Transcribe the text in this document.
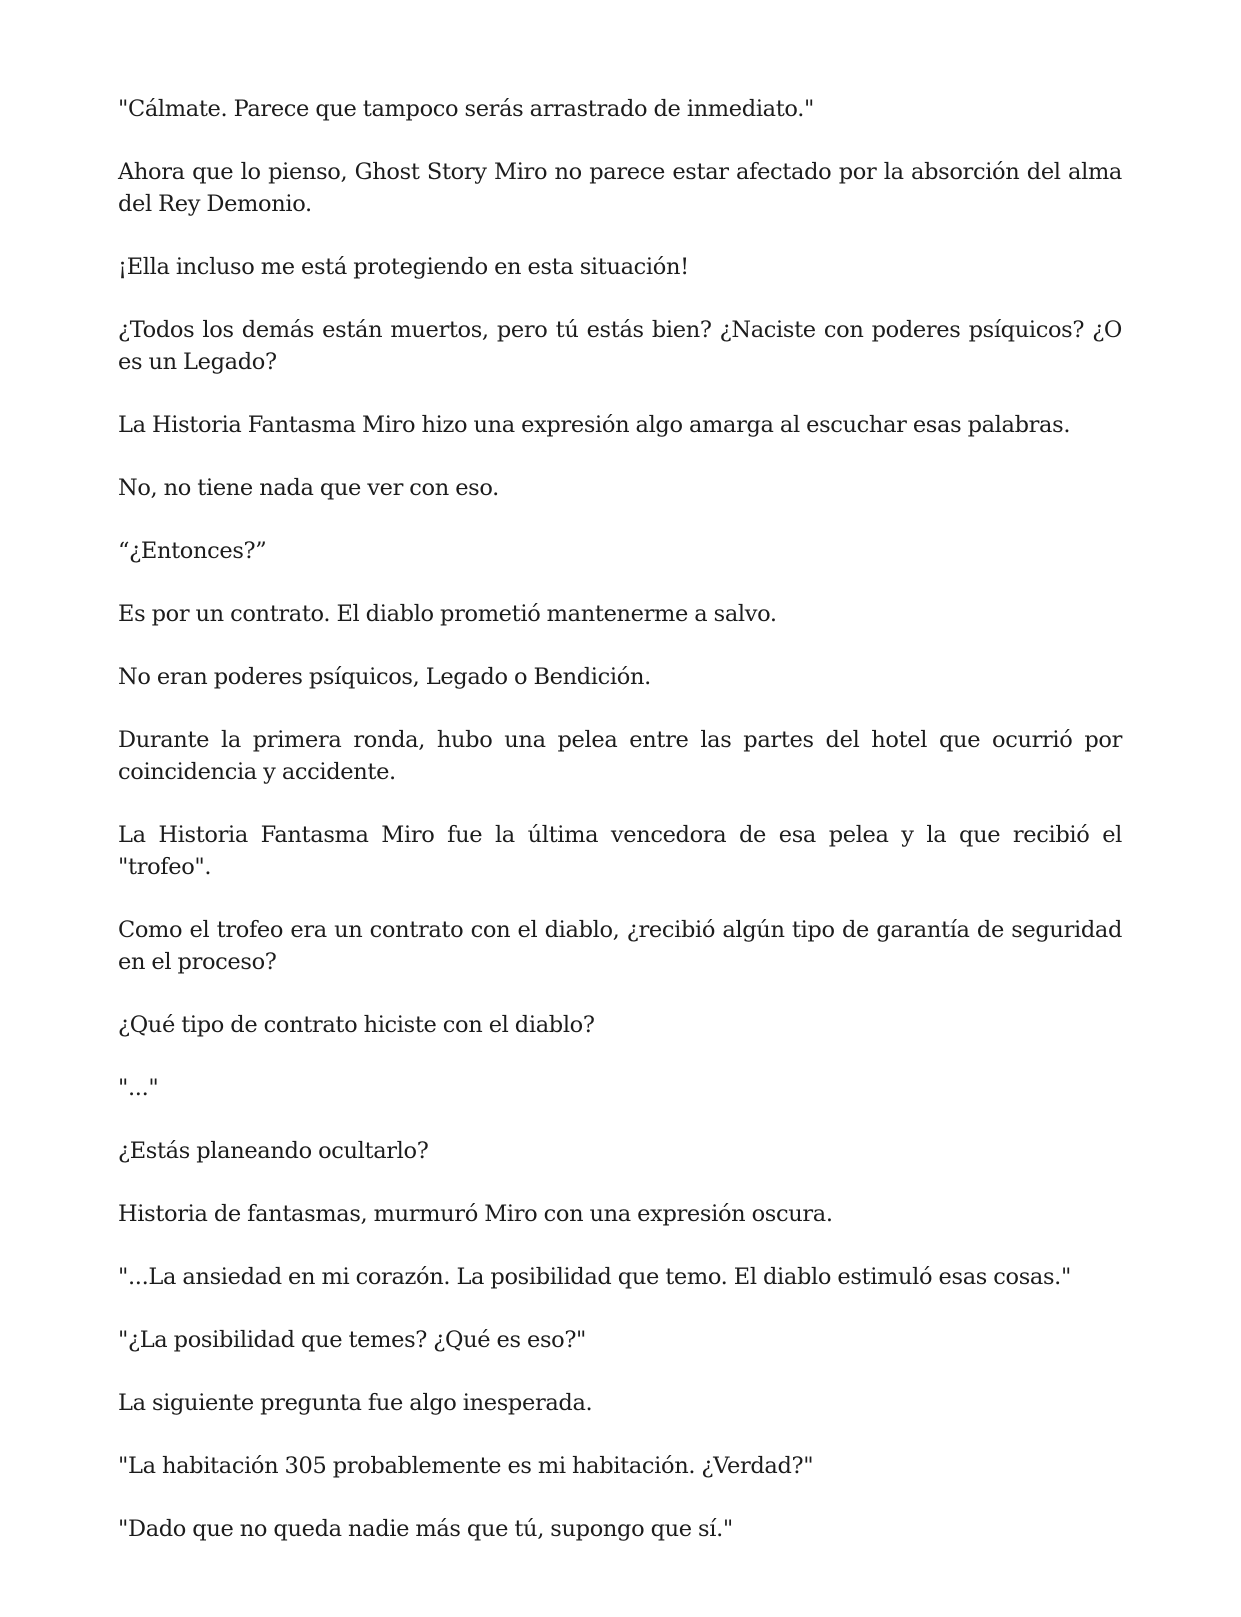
"Cálmate. Parece que tampoco serás arrastrado de inmediato."

Ahora que lo pienso, Ghost Story Miro no parece estar afectado por la absorción del alma del Rey Demonio.

¡Ella incluso me está protegiendo en esta situación!

¿Todos los demás están muertos, pero tú estás bien? ¿Naciste con poderes psíquicos? ¿O es un Legado?

La Historia Fantasma Miro hizo una expresión algo amarga al escuchar esas palabras.

No, no tiene nada que ver con eso.

“¿Entonces?”

Es por un contrato. El diablo prometió mantenerme a salvo.

No eran poderes psíquicos, Legado o Bendición.

Durante la primera ronda, hubo una pelea entre las partes del hotel que ocurrió por coincidencia y accidente.

La Historia Fantasma Miro fue la última vencedora de esa pelea y la que recibió el "trofeo".

Como el trofeo era un contrato con el diablo, ¿recibió algún tipo de garantía de seguridad en el proceso?

¿Qué tipo de contrato hiciste con el diablo?

"..."

¿Estás planeando ocultarlo?

Historia de fantasmas, murmuró Miro con una expresión oscura.

"...La ansiedad en mi corazón. La posibilidad que temo. El diablo estimuló esas cosas."

"¿La posibilidad que temes? ¿Qué es eso?"

La siguiente pregunta fue algo inesperada.

"La habitación 305 probablemente es mi habitación. ¿Verdad?"

"Dado que no queda nadie más que tú, supongo que sí."
